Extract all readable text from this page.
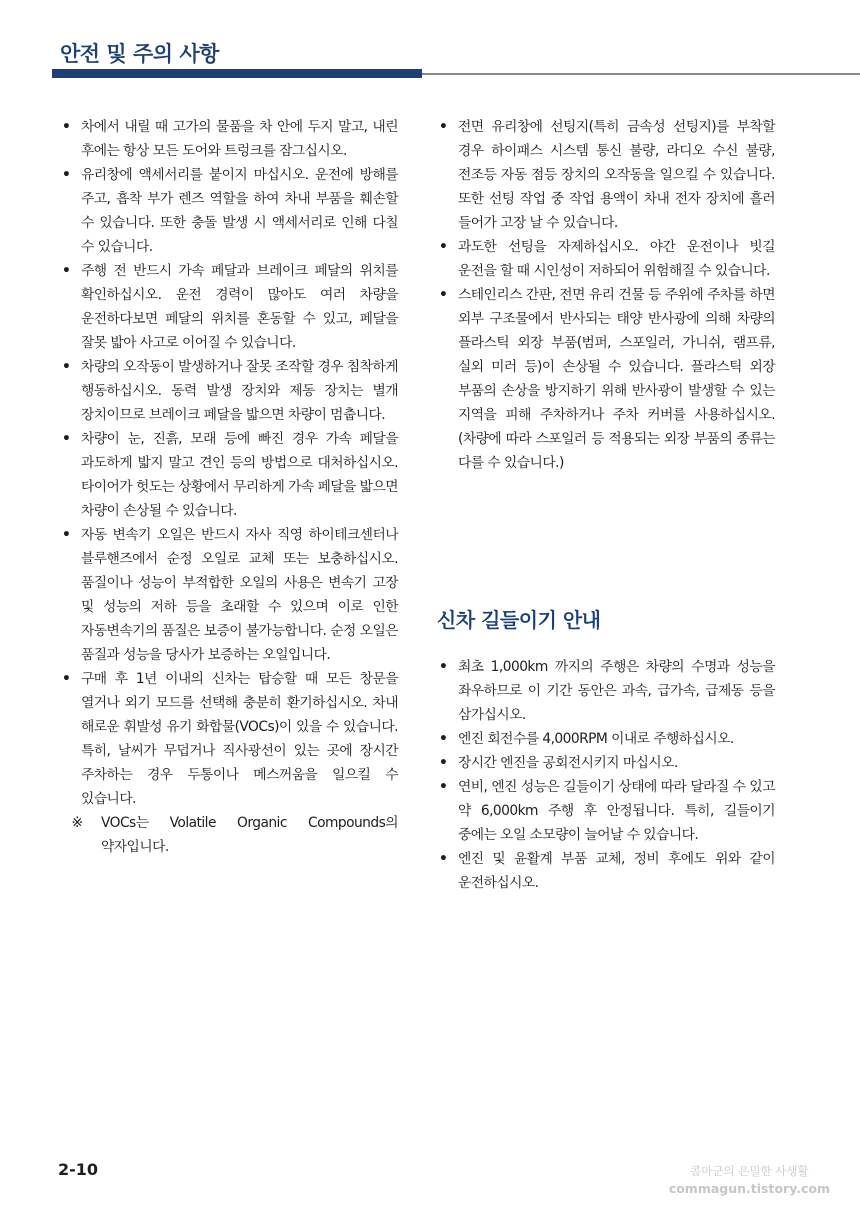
안전 및 주의 사항
• 차에서 내릴 때 고가의 물품을 차 안에 두지 말고, 내린 후에는 항상 모든 도어와 트렁크를 잠그십시오.
• 유리창에 액세서리를 붙이지 마십시오. 운전에 방해를 주고, 흡착 부가 렌즈 역할을 하여 차내 부품을 훼손할 수 있습니다. 또한 충돌 발생 시 액세서리로 인해 다칠 수 있습니다.
• 주행 전 반드시 가속 페달과 브레이크 페달의 위치를 확인하십시오. 운전 경력이 많아도 여러 차량을 운전하다보면 페달의 위치를 혼동할 수 있고, 페달을 잘못 밟아 사고로 이어질 수 있습니다.
• 차량의 오작동이 발생하거나 잘못 조작할 경우 침착하게 행동하십시오. 동력 발생 장치와 제동 장치는 별개 장치이므로 브레이크 페달을 밟으면 차량이 멈춥니다.
• 차량이 눈, 진흙, 모래 등에 빠진 경우 가속 페달을 과도하게 밟지 말고 견인 등의 방법으로 대처하십시오. 타이어가 헛도는 상황에서 무리하게 가속 페달을 밟으면 차량이 손상될 수 있습니다.
• 자동 변속기 오일은 반드시 자사 직영 하이테크센터나 블루핸즈에서 순정 오일로 교체 또는 보충하십시오. 품질이나 성능이 부적합한 오일의 사용은 변속기 고장 및 성능의 저하 등을 초래할 수 있으며 이로 인한 자동변속기의 품질은 보증이 불가능합니다. 순정 오일은 품질과 성능을 당사가 보증하는 오일입니다.
• 구매 후 1년 이내의 신차는 탑승할 때 모든 창문을 열거나 외기 모드를 선택해 충분히 환기하십시오. 차내 해로운 휘발성 유기 화합물(VOCs)이 있을 수 있습니다. 특히, 날씨가 무덥거나 직사광선이 있는 곳에 장시간 주차하는 경우 두통이나 메스꺼움을 일으킬 수 있습니다.
※	VOCs는 Volatile Organic Compounds의 약자입니다.
• 전면 유리창에 선팅지(특히 금속성 선팅지)를 부착할 경우 하이패스 시스템 통신 불량, 라디오 수신 불량, 전조등 자동 점등 장치의 오작동을 일으킬 수 있습니다. 또한 선팅 작업 중 작업 용액이 차내 전자 장치에 흘러 들어가 고장 날 수 있습니다.
• 과도한 선팅을 자제하십시오. 야간 운전이나 빗길 운전을 할 때 시인성이 저하되어 위험해질 수 있습니다.
• 스테인리스 간판, 전면 유리 건물 등 주위에 주차를 하면 외부 구조물에서 반사되는 태양 반사광에 의해 차량의 플라스틱 외장 부품(범퍼, 스포일러, 가니쉬, 램프류, 실외 미러 등)이 손상될 수 있습니다. 플라스틱 외장 부품의 손상을 방지하기 위해 반사광이 발생할 수 있는 지역을 피해 주차하거나 주차 커버를 사용하십시오. (차량에 따라 스포일러 등 적용되는 외장 부품의 종류는 다를 수 있습니다.)
신차 길들이기 안내
• 최초 1,000km 까지의 주행은 차량의 수명과 성능을 좌우하므로 이 기간 동안은 과속, 급가속, 급제동 등을 삼가십시오.
• 엔진 회전수를 4,000RPM 이내로 주행하십시오.
• 장시간 엔진을 공회전시키지 마십시오.
• 연비, 엔진 성능은 길들이기 상태에 따라 달라질 수 있고 약 6,000km 주행 후 안정됩니다. 특히, 길들이기 중에는 오일 소모량이 늘어날 수 있습니다.
• 엔진 및 윤활계 부품 교체, 정비 후에도 위와 같이 운전하십시오.
2-10	콤마군의 은밀한 사생활
commagun.tistory.com
